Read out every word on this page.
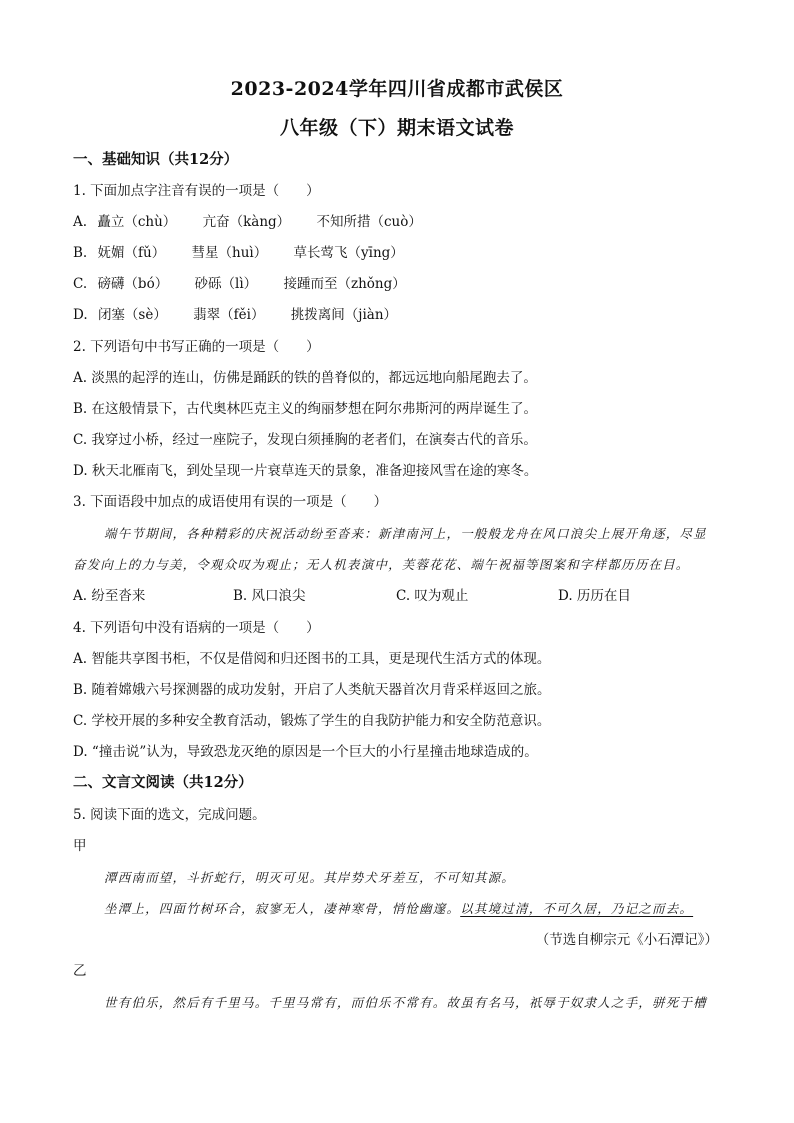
2023-2024学年四川省成都市武侯区
八年级（下）期末语文试卷
一、基础知识（共12分）
1. 下面加点字注音有误的一项是（　　）
A. 矗立（chù） 亢奋（kàng） 不知所措（cuò）
B. 妩媚（fǔ） 彗星（huì） 草长莺飞（yīng）
C. 磅礴（bó） 砂砾（lì） 接踵而至（zhǒng）
D. 闭塞（sè） 翡翠（fěi） 挑拨离间（jiàn）
2. 下列语句中书写正确的一项是（　　）
A. 淡黑的起浮的连山，仿佛是踊跃的铁的兽脊似的，都远远地向船尾跑去了。
B. 在这般情景下，古代奥林匹克主义的绚丽梦想在阿尔弗斯河的两岸诞生了。
C. 我穿过小桥，经过一座院子，发现白须捶胸的老者们，在演奏古代的音乐。
D. 秋天北雁南飞，到处呈现一片衰草连天的景象，准备迎接风雪在途的寒冬。
3. 下面语段中加点的成语使用有误的一项是（　　）
端午节期间，各种精彩的庆祝活动纷至沓来：新津南河上，一般般龙舟在风口浪尖上展开角逐，尽显
奋发向上的力与美，令观众叹为观止；无人机表演中，芙蓉花花、端午祝福等图案和字样都历历在目。
A. 纷至沓来	B. 风口浪尖	C. 叹为观止	D. 历历在目
4. 下列语句中没有语病的一项是（　　）
A. 智能共享图书柜，不仅是借阅和归还图书的工具，更是现代生活方式的体现。
B. 随着嫦娥六号探测器的成功发射，开启了人类航天器首次月背采样返回之旅。
C. 学校开展的多种安全教育活动，锻炼了学生的自我防护能力和安全防范意识。
D. “撞击说”认为，导致恐龙灭绝的原因是一个巨大的小行星撞击地球造成的。
二、文言文阅读（共12分）
5. 阅读下面的选文，完成问题。
甲
潭西南而望，斗折蛇行，明灭可见。其岸势犬牙差互，不可知其源。
坐潭上，四面竹树环合，寂寥无人，凄神寒骨，悄怆幽邃。以其境过清，不可久居，乃记之而去。
（节选自柳宗元《小石潭记》）
乙
世有伯乐，然后有千里马。千里马常有，而伯乐不常有。故虽有名马，祇辱于奴隶人之手，骈死于槽
